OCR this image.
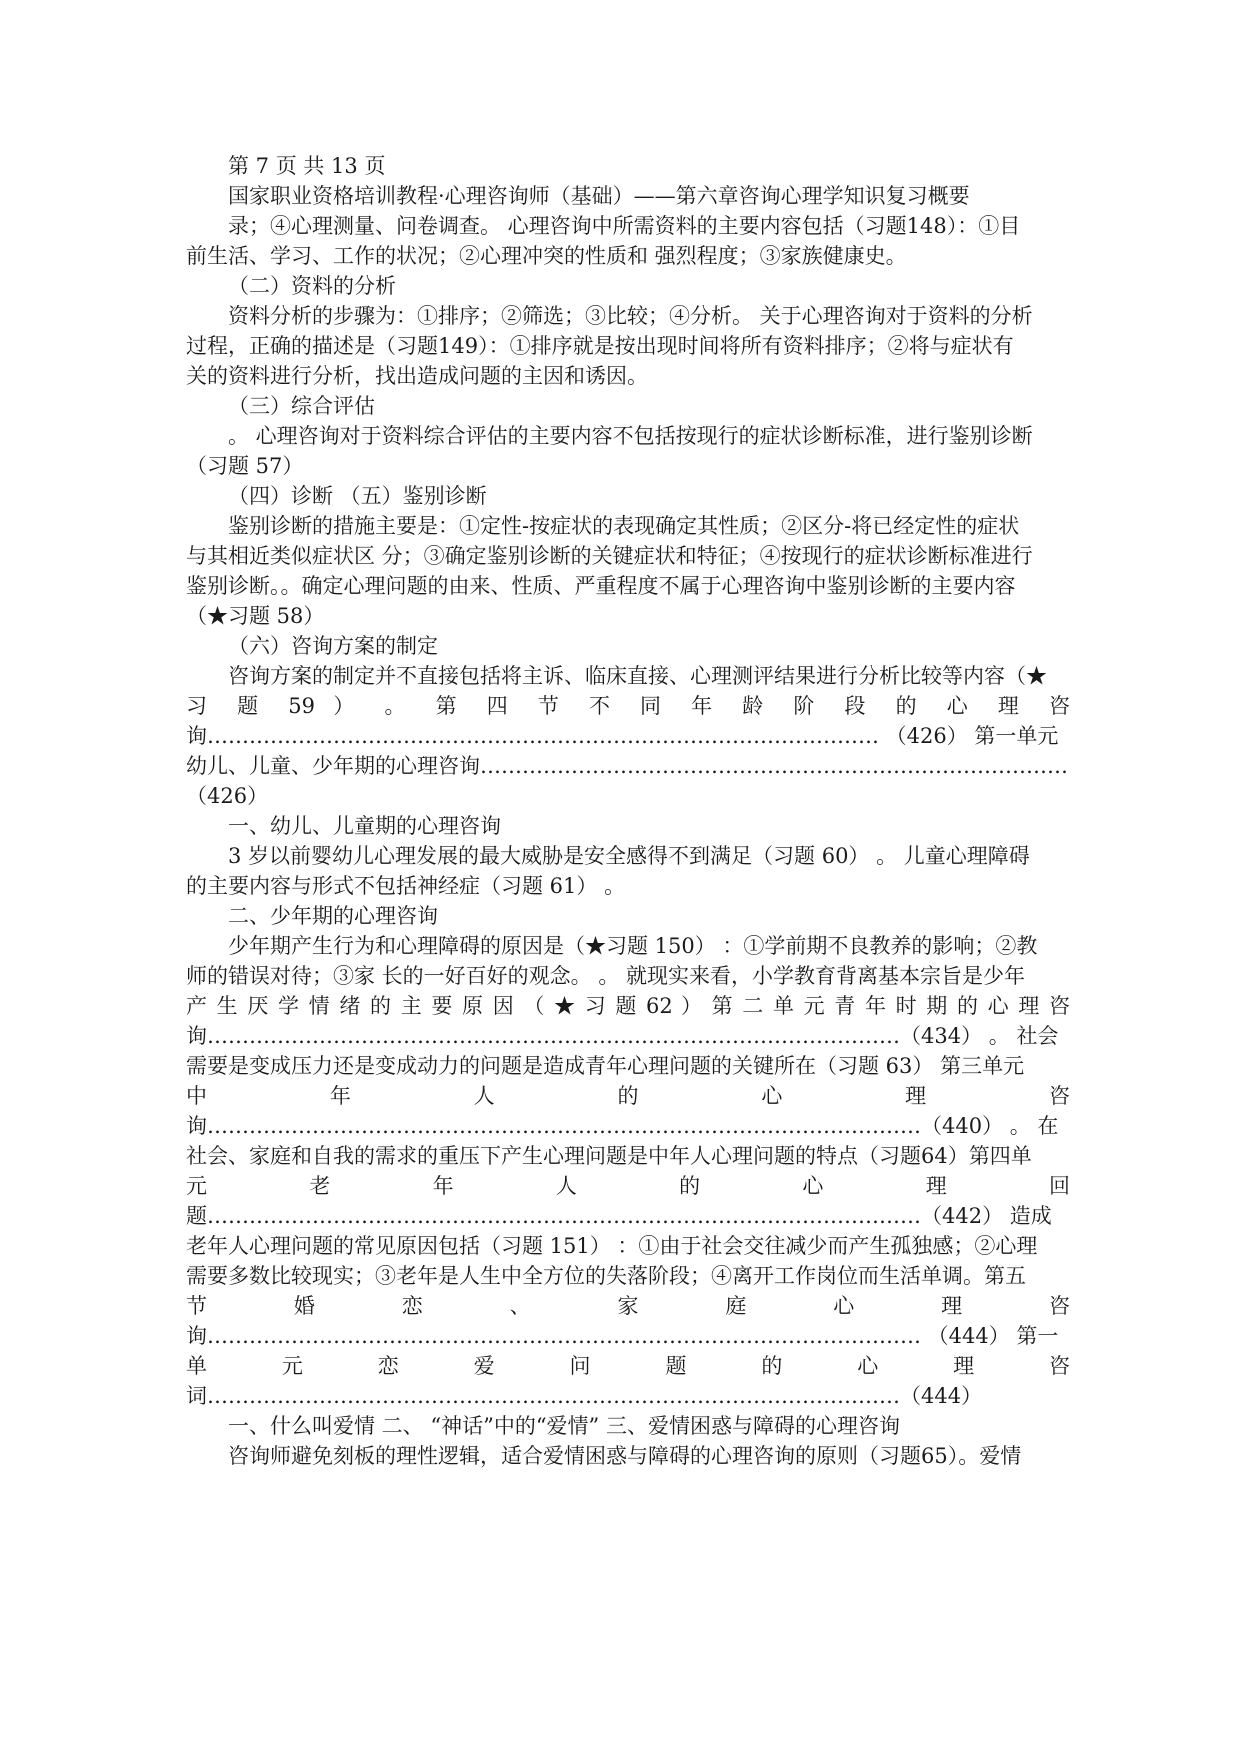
第 7 页 共 13 页
国家职业资格培训教程·心理咨询师（基础）——第六章咨询心理学知识复习概要
录；④心理测量、问卷调查。 心理咨询中所需资料的主要内容包括（习题148）：①目
前生活、学习、工作的状况；②心理冲突的性质和 强烈程度；③家族健康史。
（二）资料的分析
资料分析的步骤为：①排序；②筛选；③比较；④分析。 关于心理咨询对于资料的分析
过程，正确的描述是（习题149）：①排序就是按出现时间将所有资料排序；②将与症状有
关的资料进行分析，找出造成问题的主因和诱因。
（三）综合评估
。 心理咨询对于资料综合评估的主要内容不包括按现行的症状诊断标准，进行鉴别诊断
（习题 57）
（四）诊断 （五）鉴别诊断
鉴别诊断的措施主要是：①定性-按症状的表现确定其性质；②区分-将已经定性的症状
与其相近类似症状区 分；③确定鉴别诊断的关键症状和特征；④按现行的症状诊断标准进行
鉴别诊断。。确定心理问题的由来、性质、严重程度不属于心理咨询中鉴别诊断的主要内容
（★习题 58）
（六）咨询方案的制定
咨询方案的制定并不直接包括将主诉、临床直接、心理测评结果进行分析比较等内容（★
习 题 59 ） 。 第 四 节 不 同 年 龄 阶 段 的 心 理 咨
询…………………………………………………………………………………… （426） 第一单元
幼儿、儿童、少年期的心理咨询…………………………………………………………………………
（426）
一、幼儿、儿童期的心理咨询
3 岁以前婴幼儿心理发展的最大威胁是安全感得不到满足（习题 60） 。 儿童心理障碍
的主要内容与形式不包括神经症（习题 61） 。
二、少年期的心理咨询
少年期产生行为和心理障碍的原因是（★习题 150） ：①学前期不良教养的影响；②教
师的错误对待；③家 长的一好百好的观念。 。 就现实来看，小学教育背离基本宗旨是少年
产 生 厌 学 情 绪 的 主 要 原 因 （ ★ 习 题 62 ） 第 二 单 元 青 年 时 期 的 心 理 咨
询………………………………………………………………………………………（434） 。 社会
需要是变成压力还是变成动力的问题是造成青年心理问题的关键所在（习题 63） 第三单元
中 年 人 的 心 理 咨
询…………………………………………………………………………………………（440） 。 在
社会、家庭和自我的需求的重压下产生心理问题是中年人心理问题的特点（习题64）第四单
元 老 年 人 的 心 理 回
题…………………………………………………………………………………………（442） 造成
老年人心理问题的常见原因包括（习题 151） ：①由于社会交往减少而产生孤独感；②心理
需要多数比较现实；③老年是人生中全方位的失落阶段；④离开工作岗位而生活单调。第五
节 婚 恋 、 家 庭 心 理 咨
询………………………………………………………………………………………… （444） 第一
单 元 恋 爱 问 题 的 心 理 咨
词………………………………………………………………………………………（444）
一、什么叫爱情 二、 “神话”中的“爱情” 三、爱情困惑与障碍的心理咨询
咨询师避免刻板的理性逻辑，适合爱情困惑与障碍的心理咨询的原则（习题65）。爱情
